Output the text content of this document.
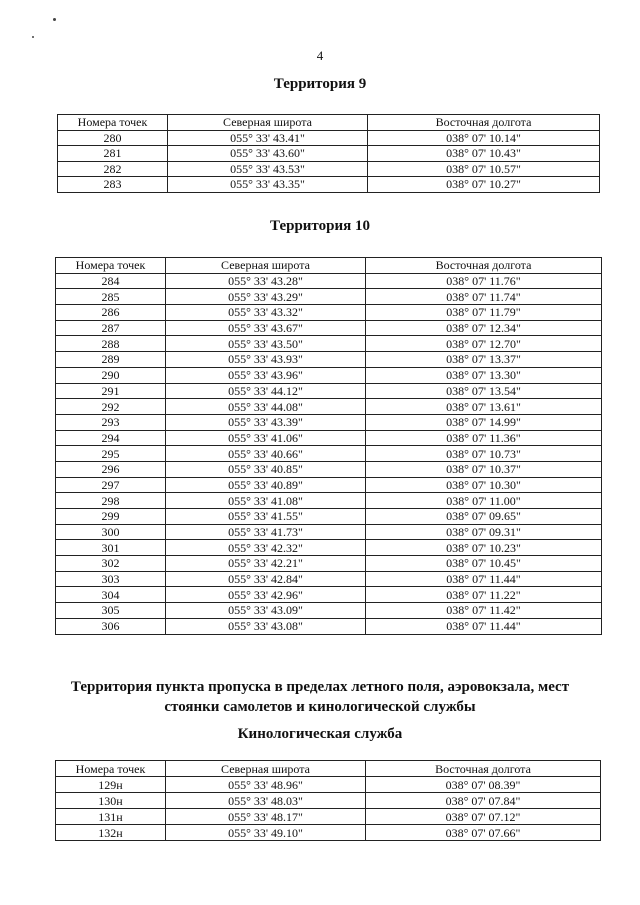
4
Территория 9
Номера точек	Северная широта	Восточная долгота
280	055° 33' 43.41"	038° 07' 10.14"
281	055° 33' 43.60"	038° 07' 10.43"
282	055° 33' 43.53"	038° 07' 10.57"
283	055° 33' 43.35"	038° 07' 10.27"
Территория 10
Номера точек	Северная широта	Восточная долгота
284	055° 33' 43.28"	038° 07' 11.76"
285	055° 33' 43.29"	038° 07' 11.74"
286	055° 33' 43.32"	038° 07' 11.79"
287	055° 33' 43.67"	038° 07' 12.34"
288	055° 33' 43.50"	038° 07' 12.70"
289	055° 33' 43.93"	038° 07' 13.37"
290	055° 33' 43.96"	038° 07' 13.30"
291	055° 33' 44.12"	038° 07' 13.54"
292	055° 33' 44.08"	038° 07' 13.61"
293	055° 33' 43.39"	038° 07' 14.99"
294	055° 33' 41.06"	038° 07' 11.36"
295	055° 33' 40.66"	038° 07' 10.73"
296	055° 33' 40.85"	038° 07' 10.37"
297	055° 33' 40.89"	038° 07' 10.30"
298	055° 33' 41.08"	038° 07' 11.00"
299	055° 33' 41.55"	038° 07' 09.65"
300	055° 33' 41.73"	038° 07' 09.31"
301	055° 33' 42.32"	038° 07' 10.23"
302	055° 33' 42.21"	038° 07' 10.45"
303	055° 33' 42.84"	038° 07' 11.44"
304	055° 33' 42.96"	038° 07' 11.22"
305	055° 33' 43.09"	038° 07' 11.42"
306	055° 33' 43.08"	038° 07' 11.44"
Территория пункта пропуска в пределах летного поля, аэровокзала, мест
стоянки самолетов и кинологической службы
Кинологическая служба
Номера точек	Северная широта	Восточная долгота
129н	055° 33' 48.96"	038° 07' 08.39"
130н	055° 33' 48.03"	038° 07' 07.84"
131н	055° 33' 48.17"	038° 07' 07.12"
132н	055° 33' 49.10"	038° 07' 07.66"
